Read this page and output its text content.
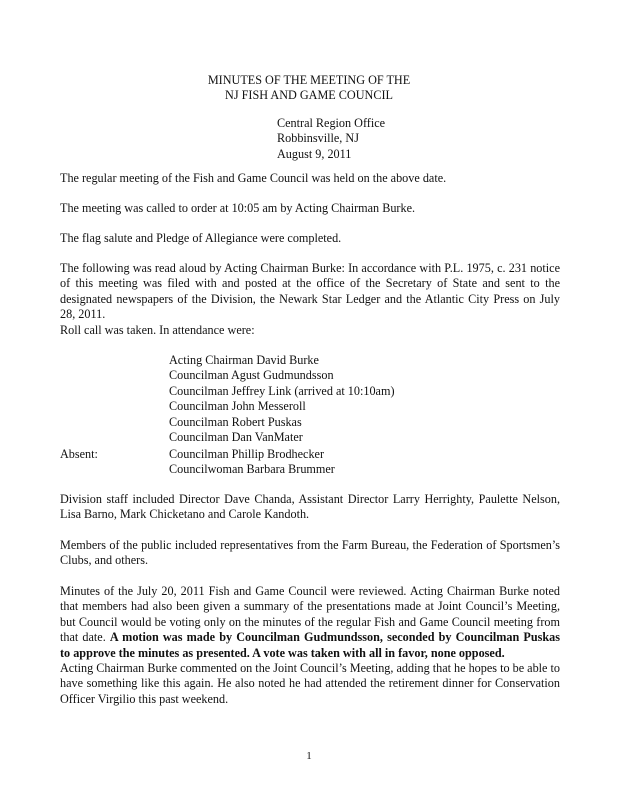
MINUTES OF THE MEETING OF THE
NJ FISH AND GAME COUNCIL
Central Region Office
Robbinsville, NJ
August 9, 2011
The regular meeting of the Fish and Game Council was held on the above date.
The meeting was called to order at 10:05 am by Acting Chairman Burke.
The flag salute and Pledge of Allegiance were completed.
The following was read aloud by Acting Chairman Burke: In accordance with P.L. 1975, c. 231 notice of this meeting was filed with and posted at the office of the Secretary of State and sent to the designated newspapers of the Division, the Newark Star Ledger and the Atlantic City Press on July 28, 2011.
Roll call was taken. In attendance were:
Acting Chairman David Burke
Councilman Agust Gudmundsson
Councilman Jeffrey Link (arrived at 10:10am)
Councilman John Messeroll
Councilman Robert Puskas
Councilman Dan VanMater
Absent:	Councilman Phillip Brodhecker
Councilwoman Barbara Brummer
Division staff included Director Dave Chanda, Assistant Director Larry Herrighty, Paulette Nelson, Lisa Barno, Mark Chicketano and Carole Kandoth.
Members of the public included representatives from the Farm Bureau, the Federation of Sportsmen’s Clubs, and others.
Minutes of the July 20, 2011 Fish and Game Council were reviewed. Acting Chairman Burke noted that members had also been given a summary of the presentations made at Joint Council’s Meeting, but Council would be voting only on the minutes of the regular Fish and Game Council meeting from that date. A motion was made by Councilman Gudmundsson, seconded by Councilman Puskas to approve the minutes as presented. A vote was taken with all in favor, none opposed.
Acting Chairman Burke commented on the Joint Council’s Meeting, adding that he hopes to be able to have something like this again. He also noted he had attended the retirement dinner for Conservation Officer Virgilio this past weekend.
1
